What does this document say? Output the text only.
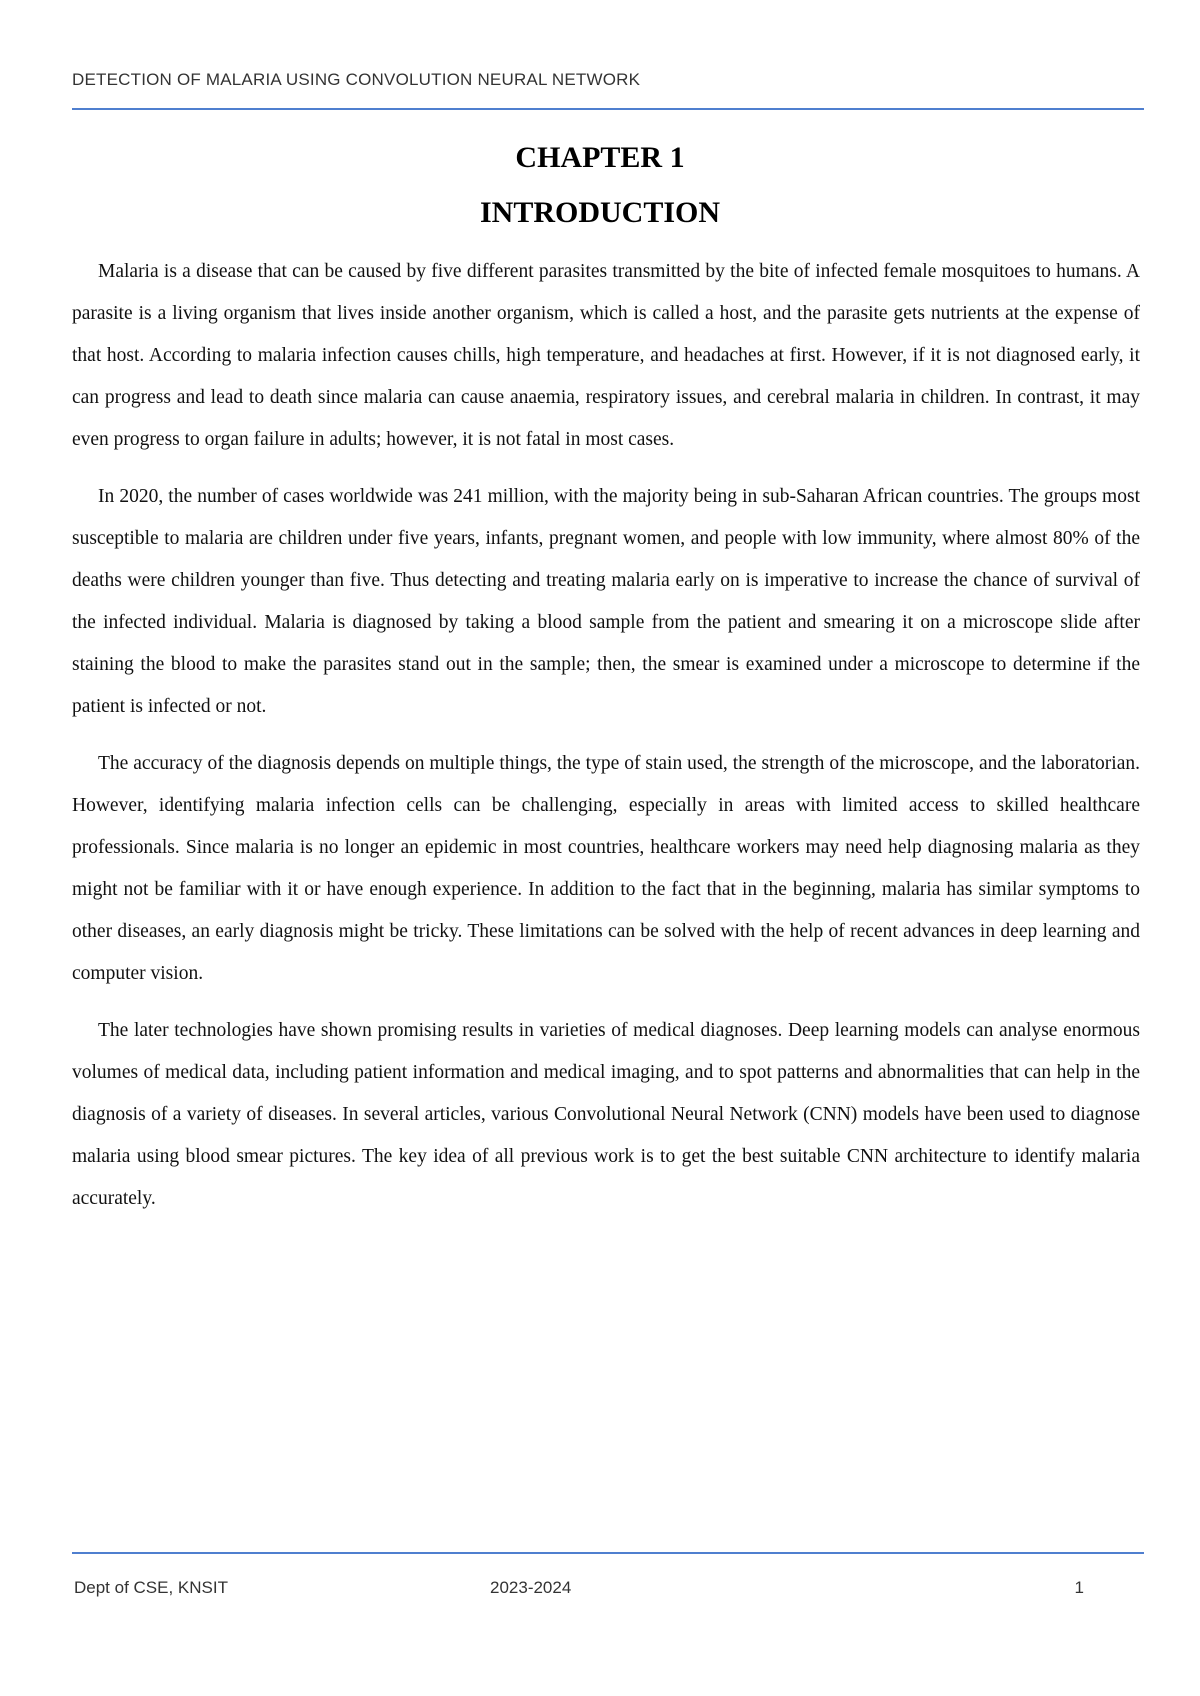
DETECTION OF MALARIA USING CONVOLUTION NEURAL NETWORK
CHAPTER 1
INTRODUCTION

Malaria is a disease that can be caused by five different parasites transmitted by the bite of infected female mosquitoes to humans. A parasite is a living organism that lives inside another organism, which is called a host, and the parasite gets nutrients at the expense of that host. According to malaria infection causes chills, high temperature, and headaches at first. However, if it is not diagnosed early, it can progress and lead to death since malaria can cause anaemia, respiratory issues, and cerebral malaria in children. In contrast, it may even progress to organ failure in adults; however, it is not fatal in most cases.

In 2020, the number of cases worldwide was 241 million, with the majority being in sub-Saharan African countries. The groups most susceptible to malaria are children under five years, infants, pregnant women, and people with low immunity, where almost 80% of the deaths were children younger than five. Thus detecting and treating malaria early on is imperative to increase the chance of survival of the infected individual. Malaria is diagnosed by taking a blood sample from the patient and smearing it on a microscope slide after staining the blood to make the parasites stand out in the sample; then, the smear is examined under a microscope to determine if the patient is infected or not.

The accuracy of the diagnosis depends on multiple things, the type of stain used, the strength of the microscope, and the laboratorian. However, identifying malaria infection cells can be challenging, especially in areas with limited access to skilled healthcare professionals. Since malaria is no longer an epidemic in most countries, healthcare workers may need help diagnosing malaria as they might not be familiar with it or have enough experience. In addition to the fact that in the beginning, malaria has similar symptoms to other diseases, an early diagnosis might be tricky. These limitations can be solved with the help of recent advances in deep learning and computer vision.

The later technologies have shown promising results in varieties of medical diagnoses. Deep learning models can analyse enormous volumes of medical data, including patient information and medical imaging, and to spot patterns and abnormalities that can help in the diagnosis of a variety of diseases. In several articles, various Convolutional Neural Network (CNN) models have been used to diagnose malaria using blood smear pictures. The key idea of all previous work is to get the best suitable CNN architecture to identify malaria accurately.

Dept of CSE, KNSIT	2023-2024	1
